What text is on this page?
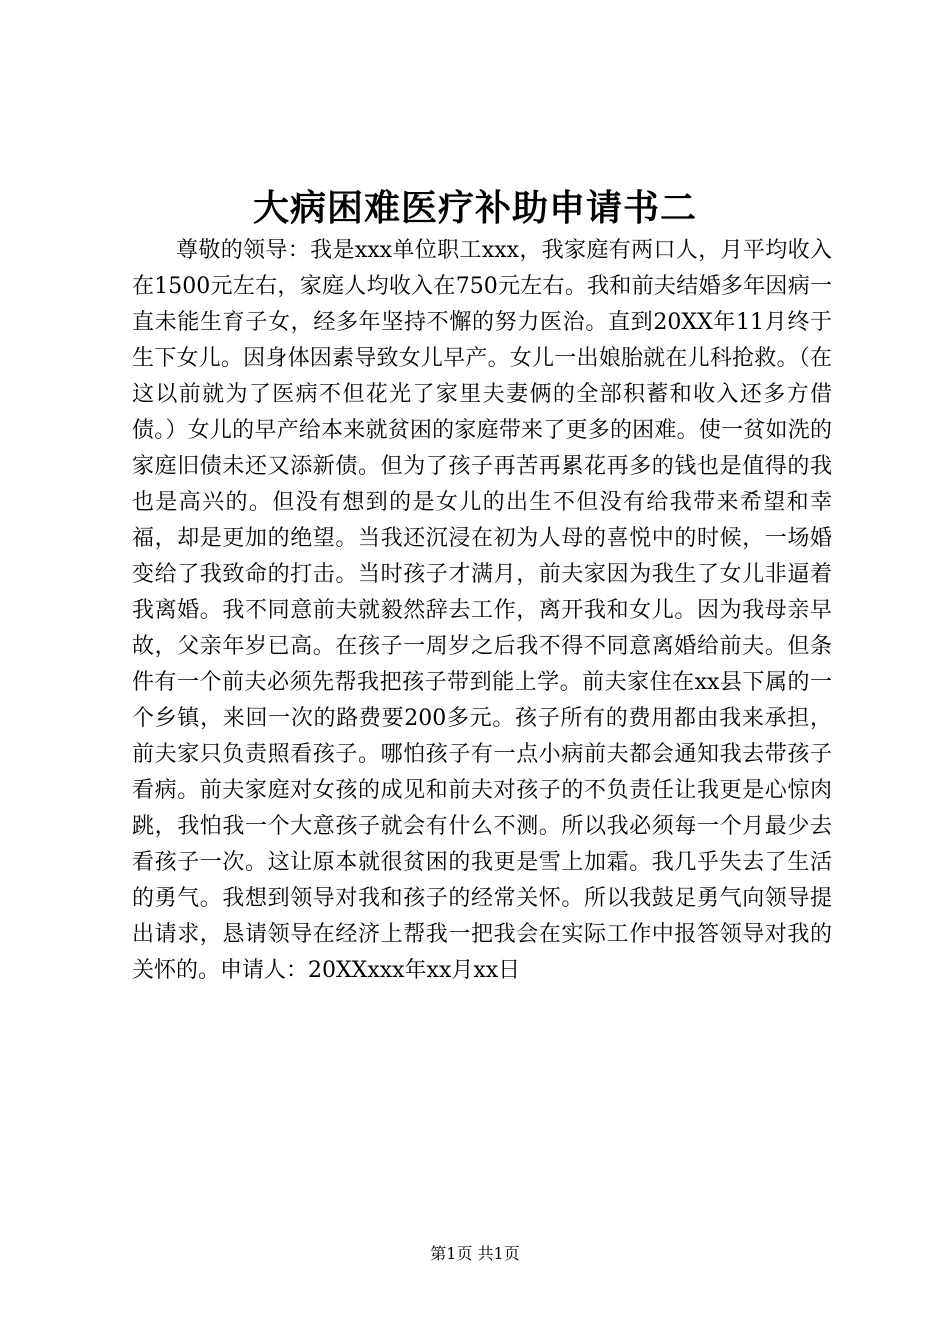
大病困难医疗补助申请书二

尊敬的领导：我是xxx单位职工xxx，我家庭有两口人，月平均收入在1500元左右，家庭人均收入在750元左右。我和前夫结婚多年因病一直未能生育子女，经多年坚持不懈的努力医治。直到20XX年11月终于生下女儿。因身体因素导致女儿早产。女儿一出娘胎就在儿科抢救。（在这以前就为了医病不但花光了家里夫妻俩的全部积蓄和收入还多方借债。）女儿的早产给本来就贫困的家庭带来了更多的困难。使一贫如洗的家庭旧债未还又添新债。但为了孩子再苦再累花再多的钱也是值得的我也是高兴的。但没有想到的是女儿的出生不但没有给我带来希望和幸福，却是更加的绝望。当我还沉浸在初为人母的喜悦中的时候，一场婚变给了我致命的打击。当时孩子才满月，前夫家因为我生了女儿非逼着我离婚。我不同意前夫就毅然辞去工作，离开我和女儿。因为我母亲早故，父亲年岁已高。在孩子一周岁之后我不得不同意离婚给前夫。但条件有一个前夫必须先帮我把孩子带到能上学。前夫家住在xx县下属的一个乡镇，来回一次的路费要200多元。孩子所有的费用都由我来承担，前夫家只负责照看孩子。哪怕孩子有一点小病前夫都会通知我去带孩子看病。前夫家庭对女孩的成见和前夫对孩子的不负责任让我更是心惊肉跳，我怕我一个大意孩子就会有什么不测。所以我必须每一个月最少去看孩子一次。这让原本就很贫困的我更是雪上加霜。我几乎失去了生活的勇气。我想到领导对我和孩子的经常关怀。所以我鼓足勇气向领导提出请求，恳请领导在经济上帮我一把我会在实际工作中报答领导对我的关怀的。申请人：20XXxxx年xx月xx日

第1页 共1页
